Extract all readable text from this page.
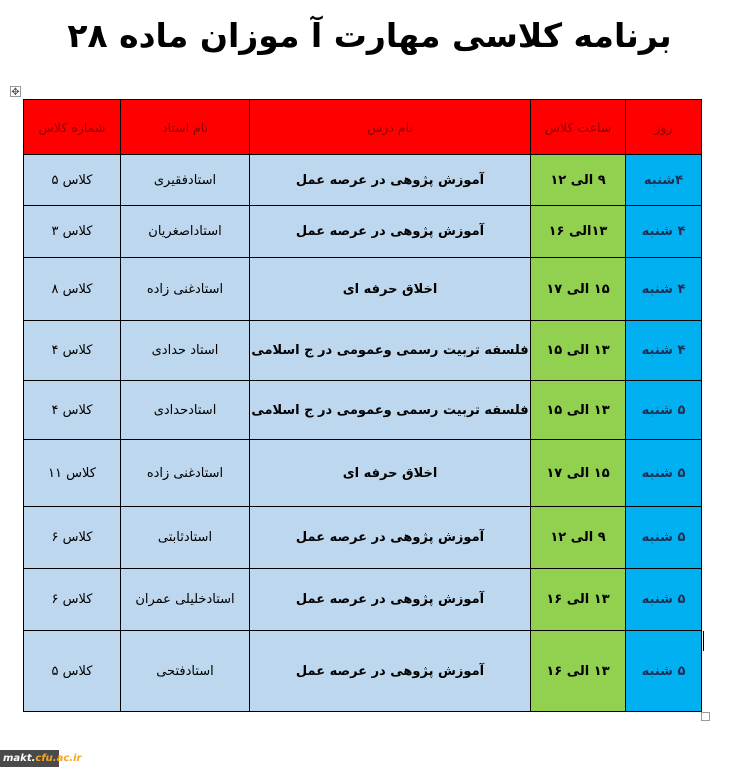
برنامه کلاسی مهارت آ موزان ماده ۲۸
✥
روز	ساعت کلاس	نام درس	نام استاد	شماره کلاس
۴شنبه	۹ الی ۱۲	آموزش پژوهی در عرصه عمل	استادفقیری	کلاس ۵
۴ شنبه	۱۳الی ۱۶	آموزش پژوهی در عرصه عمل	استاداصغریان	کلاس ۳
۴ شنبه	۱۵ الی ۱۷	اخلاق حرفه ای	استادغنی زاده	کلاس ۸
۴ شنبه	۱۳ الی ۱۵	فلسفه تربیت رسمی وعمومی در ج اسلامی	استاد حدادی	کلاس ۴
۵ شنبه	۱۳ الی ۱۵	فلسفه تربیت رسمی وعمومی در ج اسلامی	استادحدادی	کلاس ۴
۵ شنبه	۱۵ الی ۱۷	اخلاق حرفه ای	استادغنی زاده	کلاس ۱۱
۵ شنبه	۹ الی ۱۲	آموزش پژوهی در عرصه عمل	استادثابتی	کلاس ۶
۵ شنبه	۱۳ الی ۱۶	آموزش پژوهی در عرصه عمل	استادخلیلی عمران	کلاس ۶
۵ شنبه	۱۳ الی ۱۶	آموزش پژوهی در عرصه عمل	استادفتحی	کلاس ۵
makt.cfu.ac.ir
